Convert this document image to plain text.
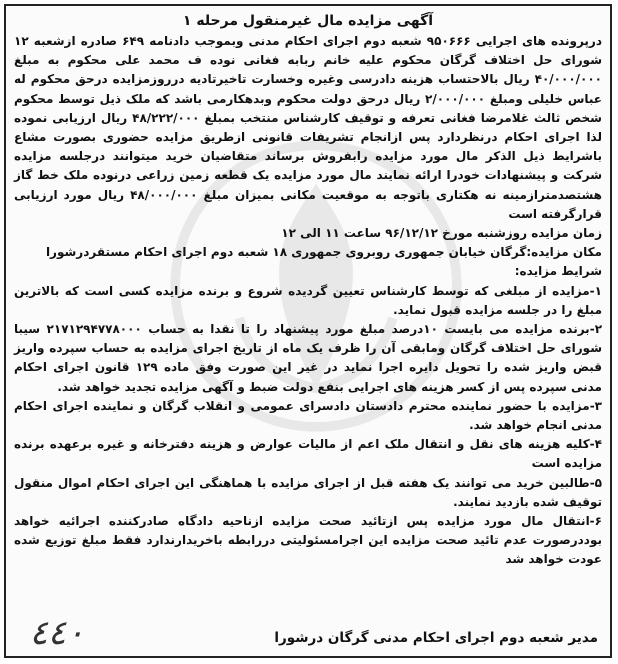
آگهی مزایده مال غیرمنقول مرحله ۱

درپرونده های اجرایی ۹۵۰۶۶۶ شعبه دوم اجرای احکام مدنی وبموجب دادنامه ۶۴۹ صادره ازشعبه ۱۲ شورای حل اختلاف گرگان محکوم علیه خانم ربابه فغانی نوده ف محمد علی محکوم به مبلغ ۴۰/۰۰۰/۰۰۰ ریال بالاحتساب هزینه دادرسی وغیره وخسارت تاخیرتادیه درروزمزایده درحق محکوم له عباس خلیلی ومبلغ ۲/۰۰۰/۰۰۰ ریال درحق دولت محکوم وبدهکارمی باشد که ملک ذیل توسط محکوم شخص ثالث غلامرضا فغانی تعرفه و توقیف کارشناس منتخب بمبلغ ۴۸/۲۲۲/۰۰۰ ریال ارزیابی نموده لذا اجرای احکام درنظردارد پس ازانجام تشریفات قانونی ازطریق مزایده حضوری بصورت مشاع باشرایط ذیل الذکر مال مورد مزایده رابفروش برساند متقاضیان خرید میتوانند درجلسه مزایده شرکت و پیشنهادات خودرا ارائه نمایند مال مورد مزایده یک قطعه زمین زراعی درنوده ملک خط گاز هشتصدمترازمینه نه هکتاری باتوجه به موقعیت مکانی بمیزان مبلغ ۴۸/۰۰۰/۰۰۰ ریال مورد ارزیابی قرارگرفته است

زمان مزایده روزشنبه مورخ ۹۶/۱۲/۱۲ ساعت ۱۱ الی ۱۲

مکان مزایده:گرگان خیابان جمهوری روبروی جمهوری ۱۸ شعبه دوم اجرای احکام مستقردرشورا

شرایط مزایده:

۱-مزایده از مبلغی که توسط کارشناس تعیین گردیده شروع و برنده مزایده کسی است که بالاترین مبلغ را در جلسه مزایده قبول نماید.

۲-برنده مزایده می بایست ۱۰درصد مبلغ مورد پیشنهاد را تا نقدا به حساب ۲۱۷۱۲۹۴۷۷۸۰۰۰ سیبا شورای حل اختلاف گرگان ومابقی آن را ظرف یک ماه از تاریخ اجرای مزایده به حساب سپرده واریز قبض واریز شده را تحویل دایره اجرا نماید در غیر این صورت وفق ماده ۱۲۹ قانون اجرای احکام مدنی سپرده پس از کسر هزینه های اجرایی بنفع دولت ضبط و آگهی مزایده تجدید خواهد شد.

۳-مزایده با حضور نماینده محترم دادستان دادسرای عمومی و انقلاب گرگان و نماینده اجرای احکام مدنی انجام خواهد شد.

۴-کلیه هزینه های نقل و انتقال ملک اعم از مالیات عوارض و هزینه دفترخانه و غیره برعهده برنده مزایده است

۵-طالبین خرید می توانند یک هفته قبل از اجرای مزایده با هماهنگی این اجرای احکام اموال منقول توقیف شده بازدید نمایند.

۶-انتقال مال مورد مزایده پس ازتائید صحت مزایده ازناحیه دادگاه صادرکننده اجرائیه خواهد بوددرصورت عدم تائید صحت مزایده این اجرامسئولیتی دررابطه باخریدارندارد فقط مبلغ توزیع شده عودت خواهد شد

مدیر شعبه دوم اجرای احکام مدنی گرگان درشورا
٤٤٠
